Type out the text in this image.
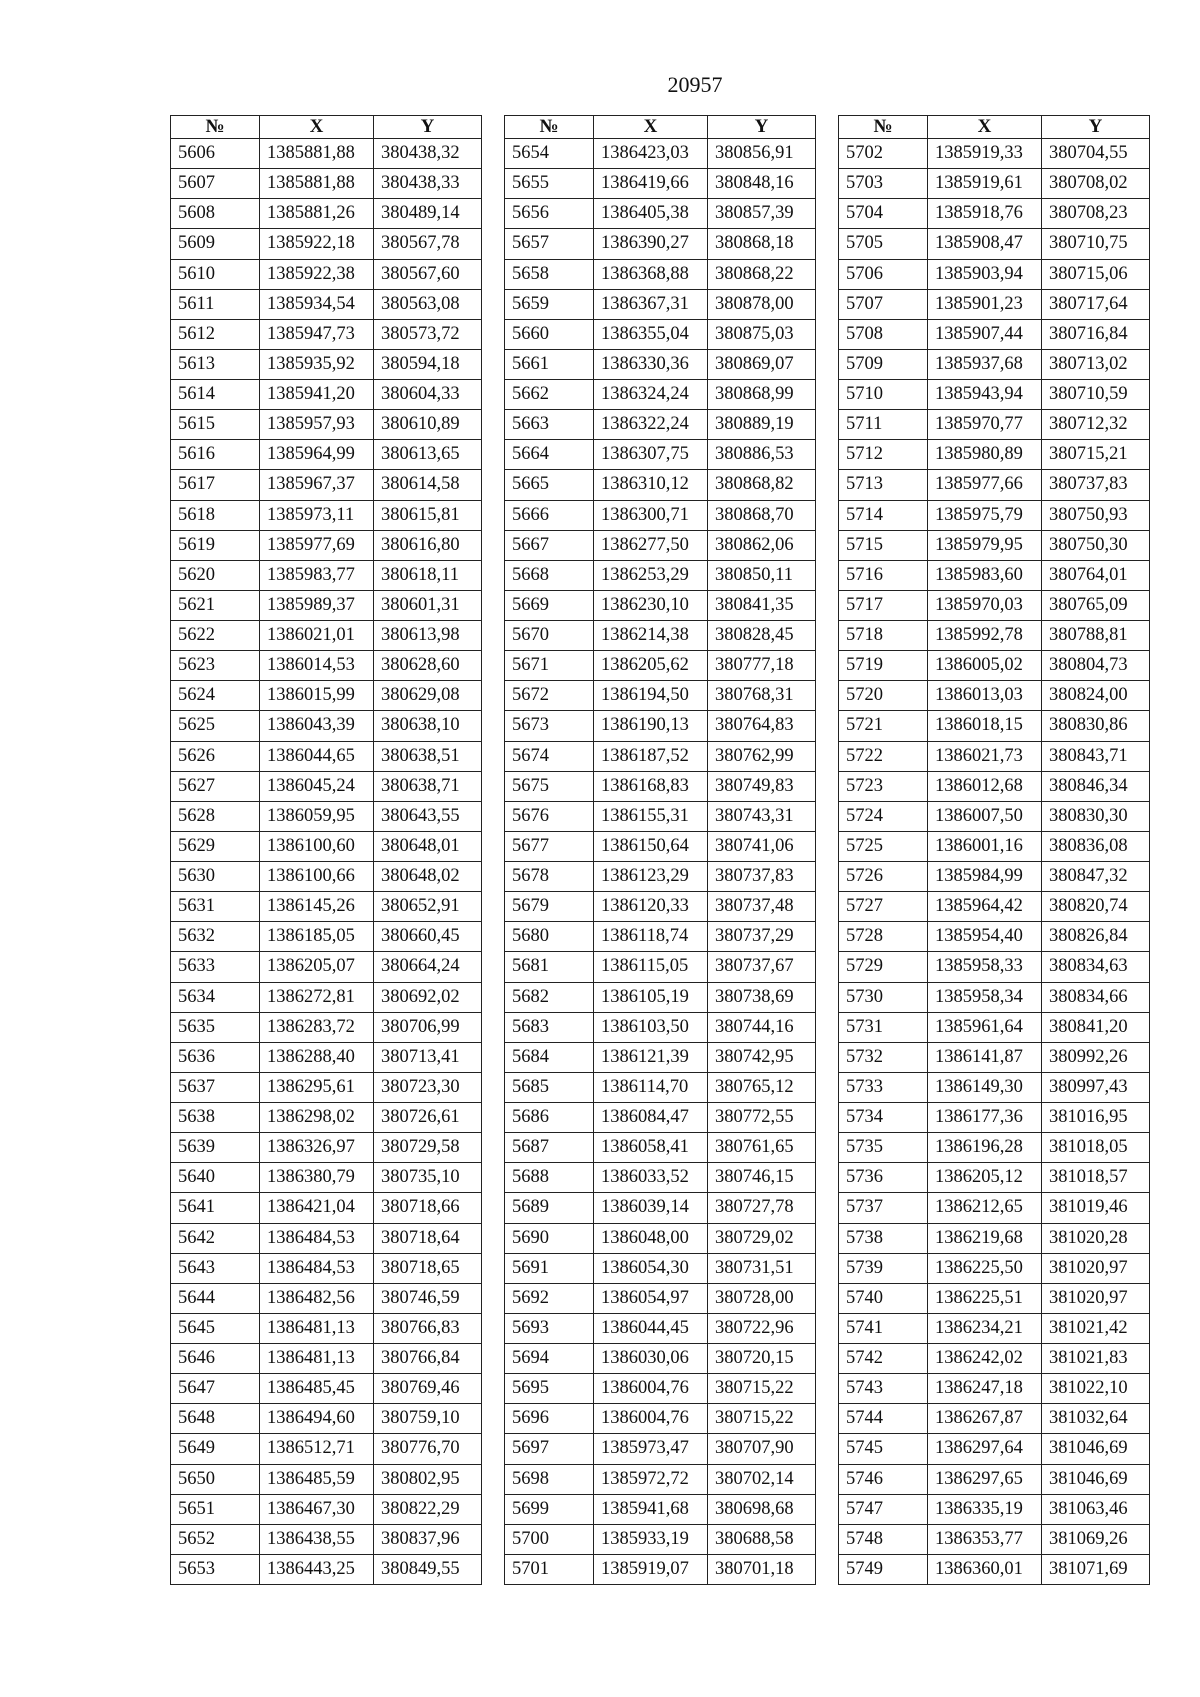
20957
№	X	Y
5606	1385881,88	380438,32
5607	1385881,88	380438,33
5608	1385881,26	380489,14
5609	1385922,18	380567,78
5610	1385922,38	380567,60
5611	1385934,54	380563,08
5612	1385947,73	380573,72
5613	1385935,92	380594,18
5614	1385941,20	380604,33
5615	1385957,93	380610,89
5616	1385964,99	380613,65
5617	1385967,37	380614,58
5618	1385973,11	380615,81
5619	1385977,69	380616,80
5620	1385983,77	380618,11
5621	1385989,37	380601,31
5622	1386021,01	380613,98
5623	1386014,53	380628,60
5624	1386015,99	380629,08
5625	1386043,39	380638,10
5626	1386044,65	380638,51
5627	1386045,24	380638,71
5628	1386059,95	380643,55
5629	1386100,60	380648,01
5630	1386100,66	380648,02
5631	1386145,26	380652,91
5632	1386185,05	380660,45
5633	1386205,07	380664,24
5634	1386272,81	380692,02
5635	1386283,72	380706,99
5636	1386288,40	380713,41
5637	1386295,61	380723,30
5638	1386298,02	380726,61
5639	1386326,97	380729,58
5640	1386380,79	380735,10
5641	1386421,04	380718,66
5642	1386484,53	380718,64
5643	1386484,53	380718,65
5644	1386482,56	380746,59
5645	1386481,13	380766,83
5646	1386481,13	380766,84
5647	1386485,45	380769,46
5648	1386494,60	380759,10
5649	1386512,71	380776,70
5650	1386485,59	380802,95
5651	1386467,30	380822,29
5652	1386438,55	380837,96
5653	1386443,25	380849,55
№	X	Y
5654	1386423,03	380856,91
5655	1386419,66	380848,16
5656	1386405,38	380857,39
5657	1386390,27	380868,18
5658	1386368,88	380868,22
5659	1386367,31	380878,00
5660	1386355,04	380875,03
5661	1386330,36	380869,07
5662	1386324,24	380868,99
5663	1386322,24	380889,19
5664	1386307,75	380886,53
5665	1386310,12	380868,82
5666	1386300,71	380868,70
5667	1386277,50	380862,06
5668	1386253,29	380850,11
5669	1386230,10	380841,35
5670	1386214,38	380828,45
5671	1386205,62	380777,18
5672	1386194,50	380768,31
5673	1386190,13	380764,83
5674	1386187,52	380762,99
5675	1386168,83	380749,83
5676	1386155,31	380743,31
5677	1386150,64	380741,06
5678	1386123,29	380737,83
5679	1386120,33	380737,48
5680	1386118,74	380737,29
5681	1386115,05	380737,67
5682	1386105,19	380738,69
5683	1386103,50	380744,16
5684	1386121,39	380742,95
5685	1386114,70	380765,12
5686	1386084,47	380772,55
5687	1386058,41	380761,65
5688	1386033,52	380746,15
5689	1386039,14	380727,78
5690	1386048,00	380729,02
5691	1386054,30	380731,51
5692	1386054,97	380728,00
5693	1386044,45	380722,96
5694	1386030,06	380720,15
5695	1386004,76	380715,22
5696	1386004,76	380715,22
5697	1385973,47	380707,90
5698	1385972,72	380702,14
5699	1385941,68	380698,68
5700	1385933,19	380688,58
5701	1385919,07	380701,18
№	X	Y
5702	1385919,33	380704,55
5703	1385919,61	380708,02
5704	1385918,76	380708,23
5705	1385908,47	380710,75
5706	1385903,94	380715,06
5707	1385901,23	380717,64
5708	1385907,44	380716,84
5709	1385937,68	380713,02
5710	1385943,94	380710,59
5711	1385970,77	380712,32
5712	1385980,89	380715,21
5713	1385977,66	380737,83
5714	1385975,79	380750,93
5715	1385979,95	380750,30
5716	1385983,60	380764,01
5717	1385970,03	380765,09
5718	1385992,78	380788,81
5719	1386005,02	380804,73
5720	1386013,03	380824,00
5721	1386018,15	380830,86
5722	1386021,73	380843,71
5723	1386012,68	380846,34
5724	1386007,50	380830,30
5725	1386001,16	380836,08
5726	1385984,99	380847,32
5727	1385964,42	380820,74
5728	1385954,40	380826,84
5729	1385958,33	380834,63
5730	1385958,34	380834,66
5731	1385961,64	380841,20
5732	1386141,87	380992,26
5733	1386149,30	380997,43
5734	1386177,36	381016,95
5735	1386196,28	381018,05
5736	1386205,12	381018,57
5737	1386212,65	381019,46
5738	1386219,68	381020,28
5739	1386225,50	381020,97
5740	1386225,51	381020,97
5741	1386234,21	381021,42
5742	1386242,02	381021,83
5743	1386247,18	381022,10
5744	1386267,87	381032,64
5745	1386297,64	381046,69
5746	1386297,65	381046,69
5747	1386335,19	381063,46
5748	1386353,77	381069,26
5749	1386360,01	381071,69
